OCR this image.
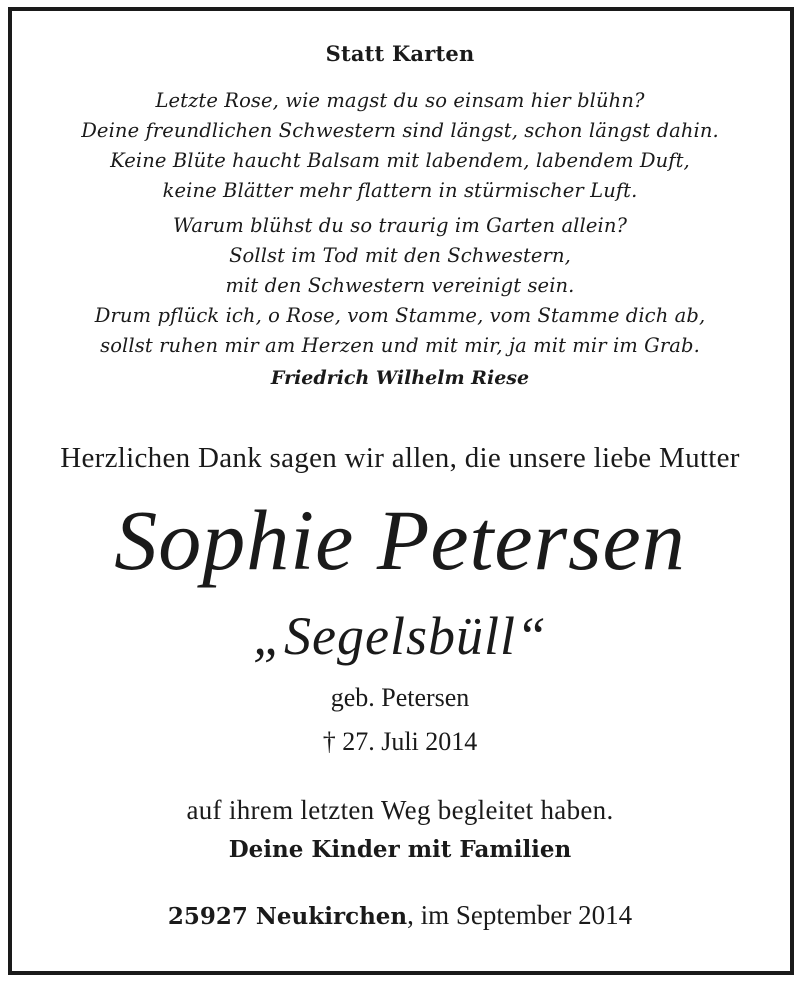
Statt Karten
Letzte Rose, wie magst du so einsam hier blühn?
Deine freundlichen Schwestern sind längst, schon längst dahin.
Keine Blüte haucht Balsam mit labendem, labendem Duft,
keine Blätter mehr flattern in stürmischer Luft.
Warum blühst du so traurig im Garten allein?
Sollst im Tod mit den Schwestern,
mit den Schwestern vereinigt sein.
Drum pflück ich, o Rose, vom Stamme, vom Stamme dich ab,
sollst ruhen mir am Herzen und mit mir, ja mit mir im Grab.
Friedrich Wilhelm Riese
Herzlichen Dank sagen wir allen, die unsere liebe Mutter
Sophie Petersen
„Segelsbüll“
geb. Petersen
† 27. Juli 2014
auf ihrem letzten Weg begleitet haben.
Deine Kinder mit Familien
25927 Neukirchen, im September 2014
